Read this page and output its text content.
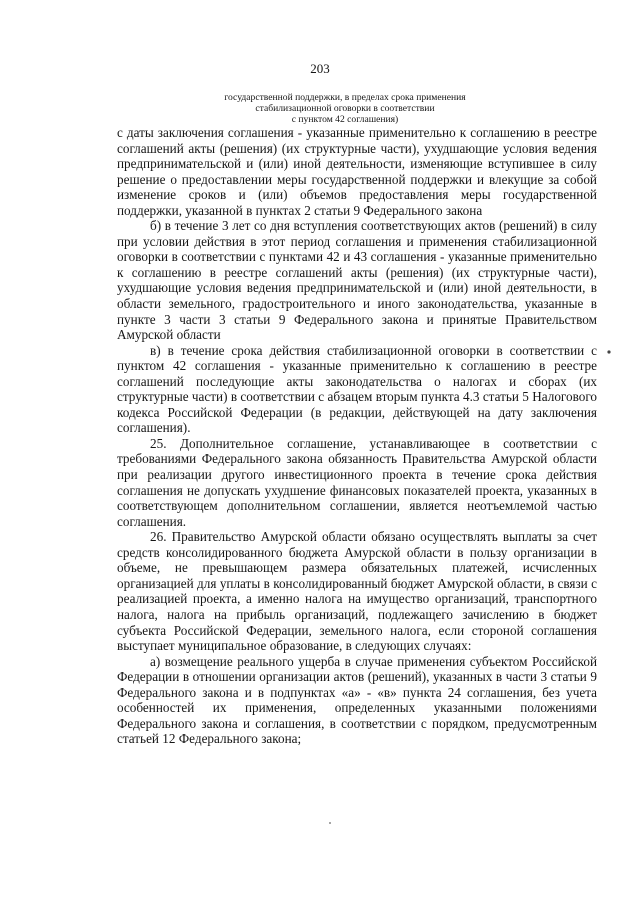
203
государственной поддержки, в пределах срока применения
стабилизационной оговорки в соответствии
с пунктом 42 соглашения)

с даты заключения соглашения - указанные применительно к соглашению в реестре соглашений акты (решения) (их структурные части), ухудшающие условия ведения предпринимательской и (или) иной деятельности, изменяющие вступившее в силу решение о предоставлении меры государственной поддержки и влекущие за собой изменение сроков и (или) объемов предоставления меры государственной поддержки, указанной в пунктах 2 статьи 9 Федерального закона

б) в течение 3 лет со дня вступления соответствующих актов (решений) в силу при условии действия в этот период соглашения и применения стабилизационной оговорки в соответствии с пунктами 42 и 43 соглашения - указанные применительно к соглашению в реестре соглашений акты (решения) (их структурные части), ухудшающие условия ведения предпринимательской и (или) иной деятельности, в области земельного, градостроительного и иного законодательства, указанные в пункте 3 части 3 статьи 9 Федерального закона и принятые Правительством Амурской области

в) в течение срока действия стабилизационной оговорки в соответствии с пунктом 42 соглашения - указанные применительно к соглашению в реестре соглашений последующие акты законодательства о налогах и сборах (их структурные части) в соответствии с абзацем вторым пункта 4.3 статьи 5 Налогового кодекса Российской Федерации (в редакции, действующей на дату заключения соглашения).

25. Дополнительное соглашение, устанавливающее в соответствии с требованиями Федерального закона обязанность Правительства Амурской области при реализации другого инвестиционного проекта в течение срока действия соглашения не допускать ухудшение финансовых показателей проекта, указанных в соответствующем дополнительном соглашении, является неотъемлемой частью соглашения.

26. Правительство Амурской области обязано осуществлять выплаты за счет средств консолидированного бюджета Амурской области в пользу организации в объеме, не превышающем размера обязательных платежей, исчисленных организацией для уплаты в консолидированный бюджет Амурской области, в связи с реализацией проекта, а именно налога на имущество организаций, транспортного налога, налога на прибыль организаций, подлежащего зачислению в бюджет субъекта Российской Федерации, земельного налога, если стороной соглашения выступает муниципальное образование, в следующих случаях:

а) возмещение реального ущерба в случае применения субъектом Российской Федерации в отношении организации актов (решений), указанных в части 3 статьи 9 Федерального закона и в подпунктах «а» - «в» пункта 24 соглашения, без учета особенностей их применения, определенных указанными положениями Федерального закона и соглашения, в соответствии с порядком, предусмотренным статьей 12 Федерального закона;
